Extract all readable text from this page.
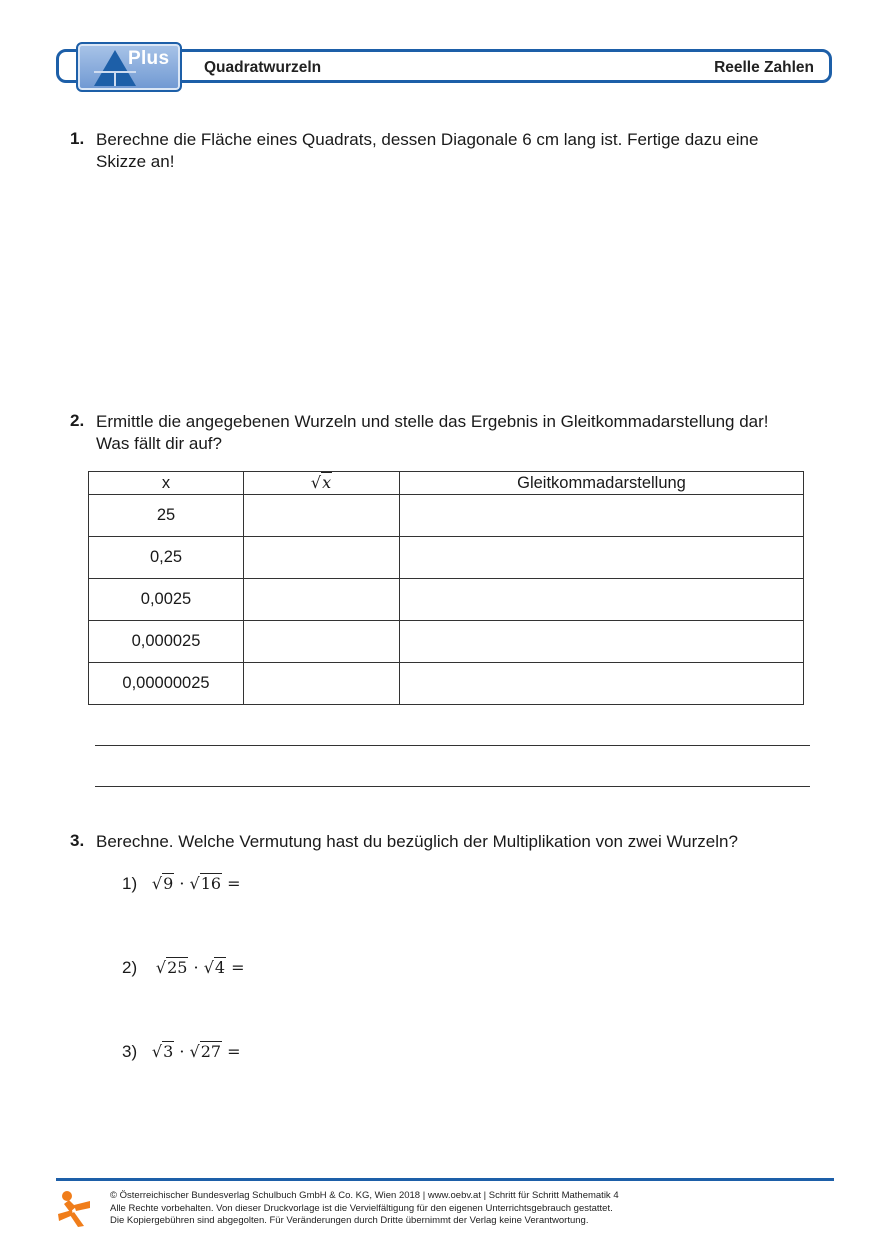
Plus Quadratwurzeln	Reelle Zahlen
1. Berechne die Fläche eines Quadrats, dessen Diagonale 6 cm lang ist. Fertige dazu eine
Skizze an!
2. Ermittle die angegebenen Wurzeln und stelle das Ergebnis in Gleitkommadarstellung dar!
Was fällt dir auf?
x	√x	Gleitkommadarstellung
25		
0,25		
0,0025		
0,000025		
0,00000025		
3. Berechne. Welche Vermutung hast du bezüglich der Multiplikation von zwei Wurzeln?
1) √9 · √16 =
2) √25 · √4 =
3) √3 · √27 =
© Österreichischer Bundesverlag Schulbuch GmbH & Co. KG, Wien 2018 | www.oebv.at | Schritt für Schritt Mathematik 4
Alle Rechte vorbehalten. Von dieser Druckvorlage ist die Vervielfältigung für den eigenen Unterrichtsgebrauch gestattet.
Die Kopiergebühren sind abgegolten. Für Veränderungen durch Dritte übernimmt der Verlag keine Verantwortung.
